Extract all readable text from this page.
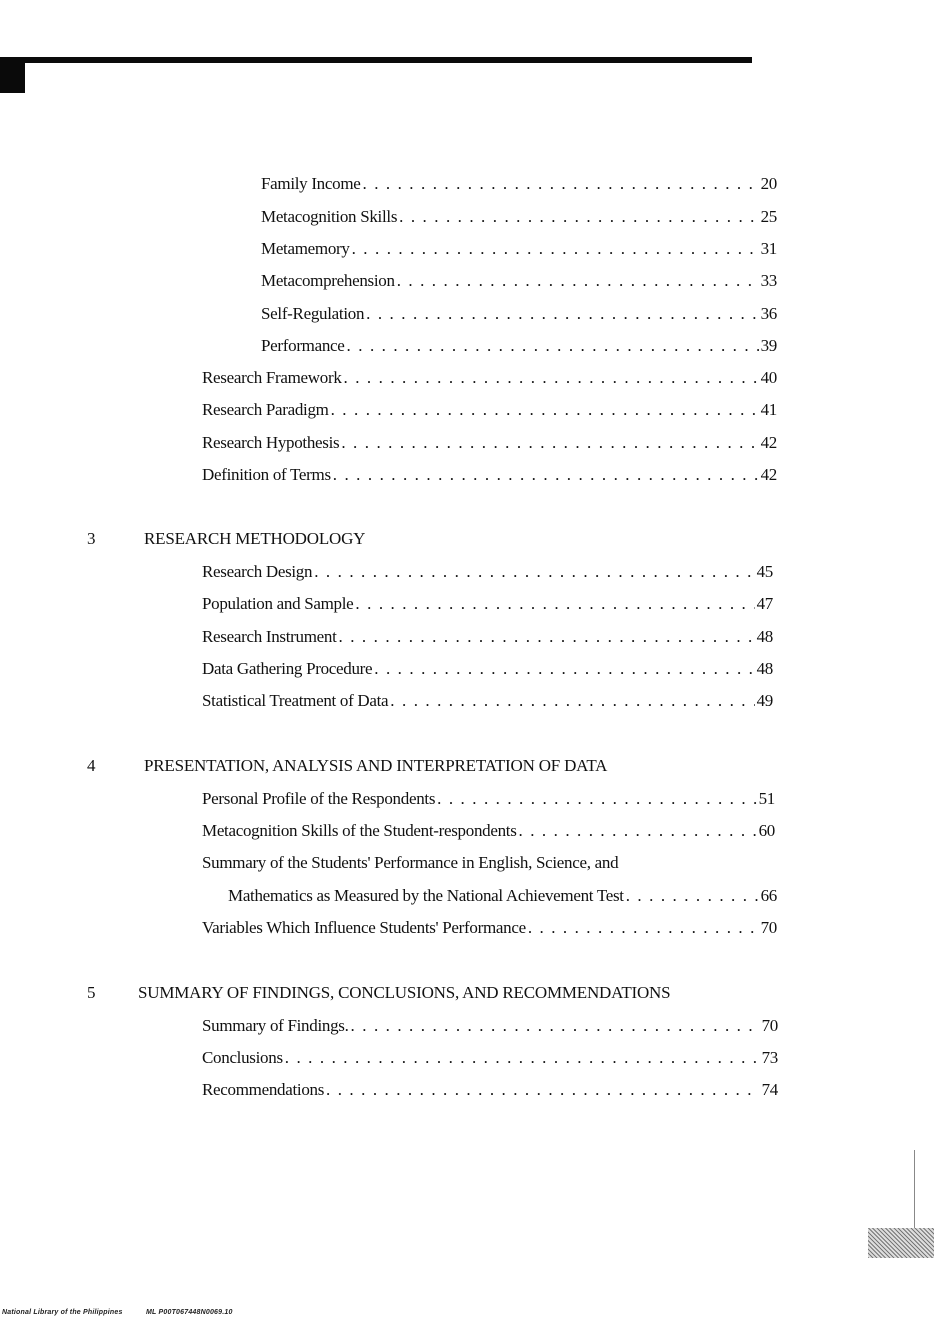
Family Income . . .	20
Metacognition Skills . . .	25
Metamemory . . .	31
Metacomprehension . . .	33
Self-Regulation . . .	36
Performance . . .	39
Research Framework . . .	40
Research Paradigm . . .	41
Research Hypothesis . . .	42
Definition of Terms . . .	42
3	RESEARCH METHODOLOGY
Research Design . . .	45
Population and Sample . . .	47
Research Instrument . . .	48
Data Gathering Procedure . . .	48
Statistical Treatment of Data . . .	49
4	PRESENTATION, ANALYSIS AND INTERPRETATION OF DATA
Personal Profile of the Respondents . . .	51
Metacognition Skills of the Student-respondents . . .	60
Summary of the Students' Performance in English, Science, and
Mathematics as Measured by the National Achievement Test . . .	66
Variables Which Influence Students' Performance . . .	70
5	SUMMARY OF FINDINGS, CONCLUSIONS, AND RECOMMENDATIONS
Summary of Findings. . . .	70
Conclusions . . .	73
Recommendations . . .	74
National Library of the Philippines	ML P00T067448N0069.10
